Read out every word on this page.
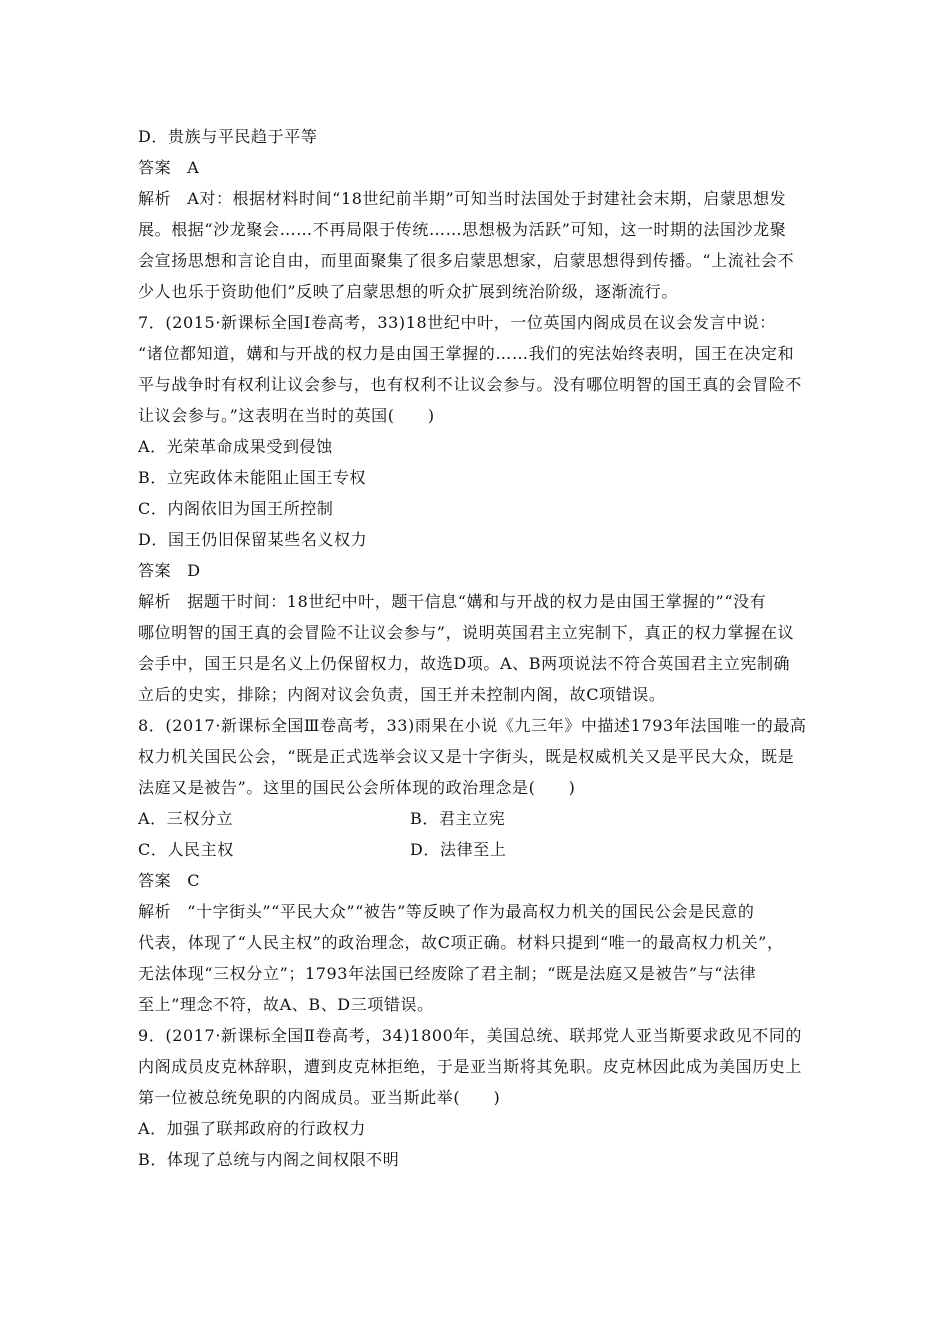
D．贵族与平民趋于平等
答案 A
解析 A对：根据材料时间“18世纪前半期”可知当时法国处于封建社会末期，启蒙思想发
展。根据“沙龙聚会……不再局限于传统……思想极为活跃”可知，这一时期的法国沙龙聚
会宣扬思想和言论自由，而里面聚集了很多启蒙思想家，启蒙思想得到传播。“上流社会不
少人也乐于资助他们”反映了启蒙思想的听众扩展到统治阶级，逐渐流行。
7．(2015·新课标全国Ⅰ卷高考，33)18世纪中叶，一位英国内阁成员在议会发言中说：
“诸位都知道，媾和与开战的权力是由国王掌握的……我们的宪法始终表明，国王在决定和
平与战争时有权利让议会参与，也有权利不让议会参与。没有哪位明智的国王真的会冒险不
让议会参与。”这表明在当时的英国(　　)
A．光荣革命成果受到侵蚀
B．立宪政体未能阻止国王专权
C．内阁依旧为国王所控制
D．国王仍旧保留某些名义权力
答案 D
解析 据题干时间：18世纪中叶，题干信息“媾和与开战的权力是由国王掌握的”“没有
哪位明智的国王真的会冒险不让议会参与”，说明英国君主立宪制下，真正的权力掌握在议
会手中，国王只是名义上仍保留权力，故选D项。A、B两项说法不符合英国君主立宪制确
立后的史实，排除；内阁对议会负责，国王并未控制内阁，故C项错误。
8．(2017·新课标全国Ⅲ卷高考，33)雨果在小说《九三年》中描述1793年法国唯一的最高
权力机关国民公会，“既是正式选举会议又是十字街头，既是权威机关又是平民大众，既是
法庭又是被告”。这里的国民公会所体现的政治理念是(　　)
A．三权分立	B．君主立宪
C．人民主权	D．法律至上
答案 C
解析 “十字街头”“平民大众”“被告”等反映了作为最高权力机关的国民公会是民意的
代表，体现了“人民主权”的政治理念，故C项正确。材料只提到“唯一的最高权力机关”，
无法体现“三权分立”；1793年法国已经废除了君主制；“既是法庭又是被告”与“法律
至上”理念不符，故A、B、D三项错误。
9．(2017·新课标全国Ⅱ卷高考，34)1800年，美国总统、联邦党人亚当斯要求政见不同的
内阁成员皮克林辞职，遭到皮克林拒绝，于是亚当斯将其免职。皮克林因此成为美国历史上
第一位被总统免职的内阁成员。亚当斯此举(　　)
A．加强了联邦政府的行政权力
B．体现了总统与内阁之间权限不明
